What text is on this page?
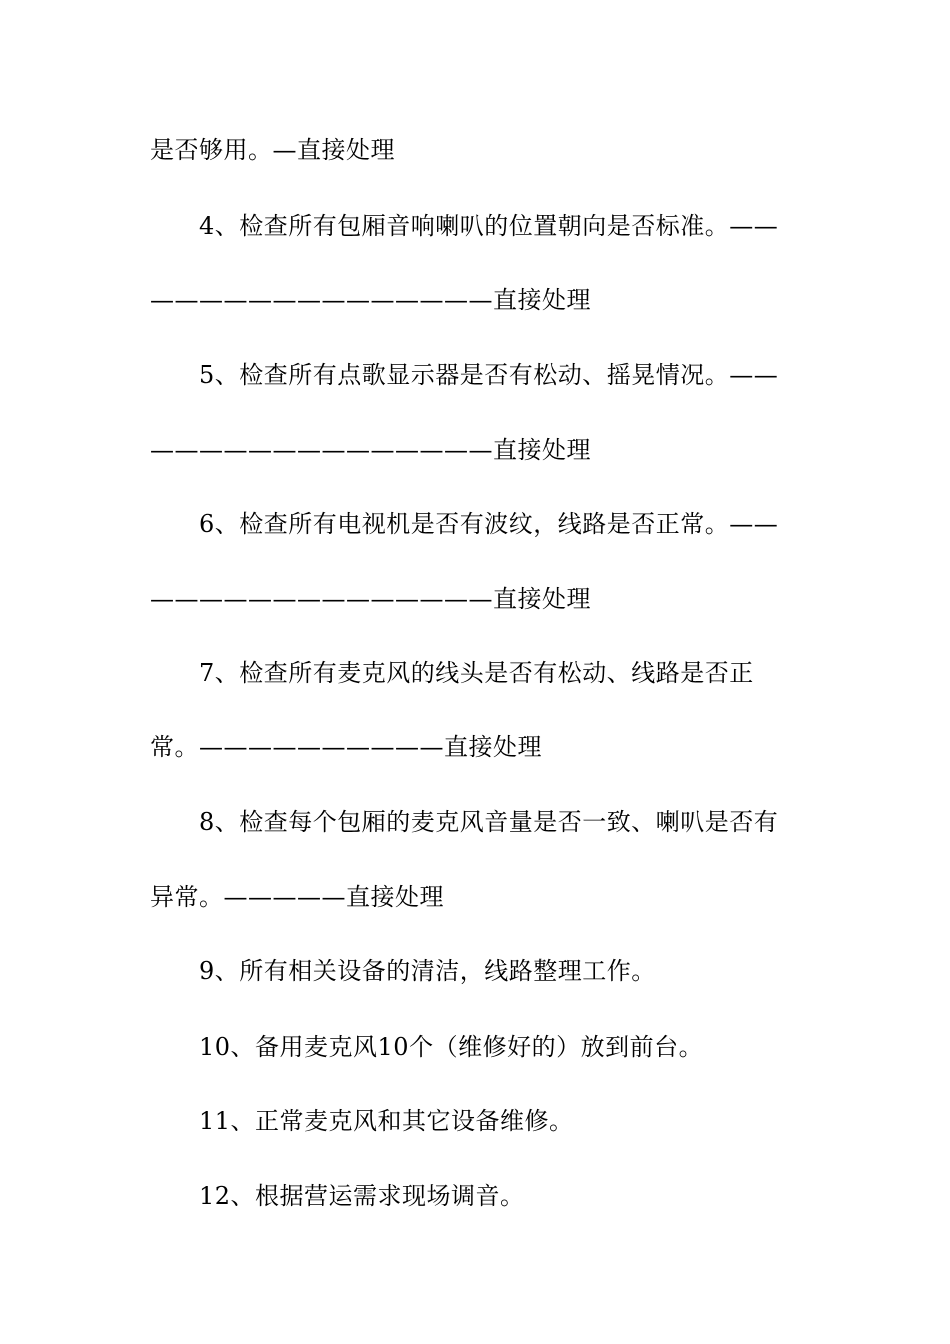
是否够用。—直接处理
4、检查所有包厢音响喇叭的位置朝向是否标准。——
——————————————直接处理
5、检查所有点歌显示器是否有松动、摇晃情况。——
——————————————直接处理
6、检查所有电视机是否有波纹，线路是否正常。——
——————————————直接处理
7、检查所有麦克风的线头是否有松动、线路是否正
常。——————————直接处理
8、检查每个包厢的麦克风音量是否一致、喇叭是否有
异常。—————直接处理
9、所有相关设备的清洁，线路整理工作。
10、备用麦克风10个（维修好的）放到前台。
11、正常麦克风和其它设备维修。
12、根据营运需求现场调音。
